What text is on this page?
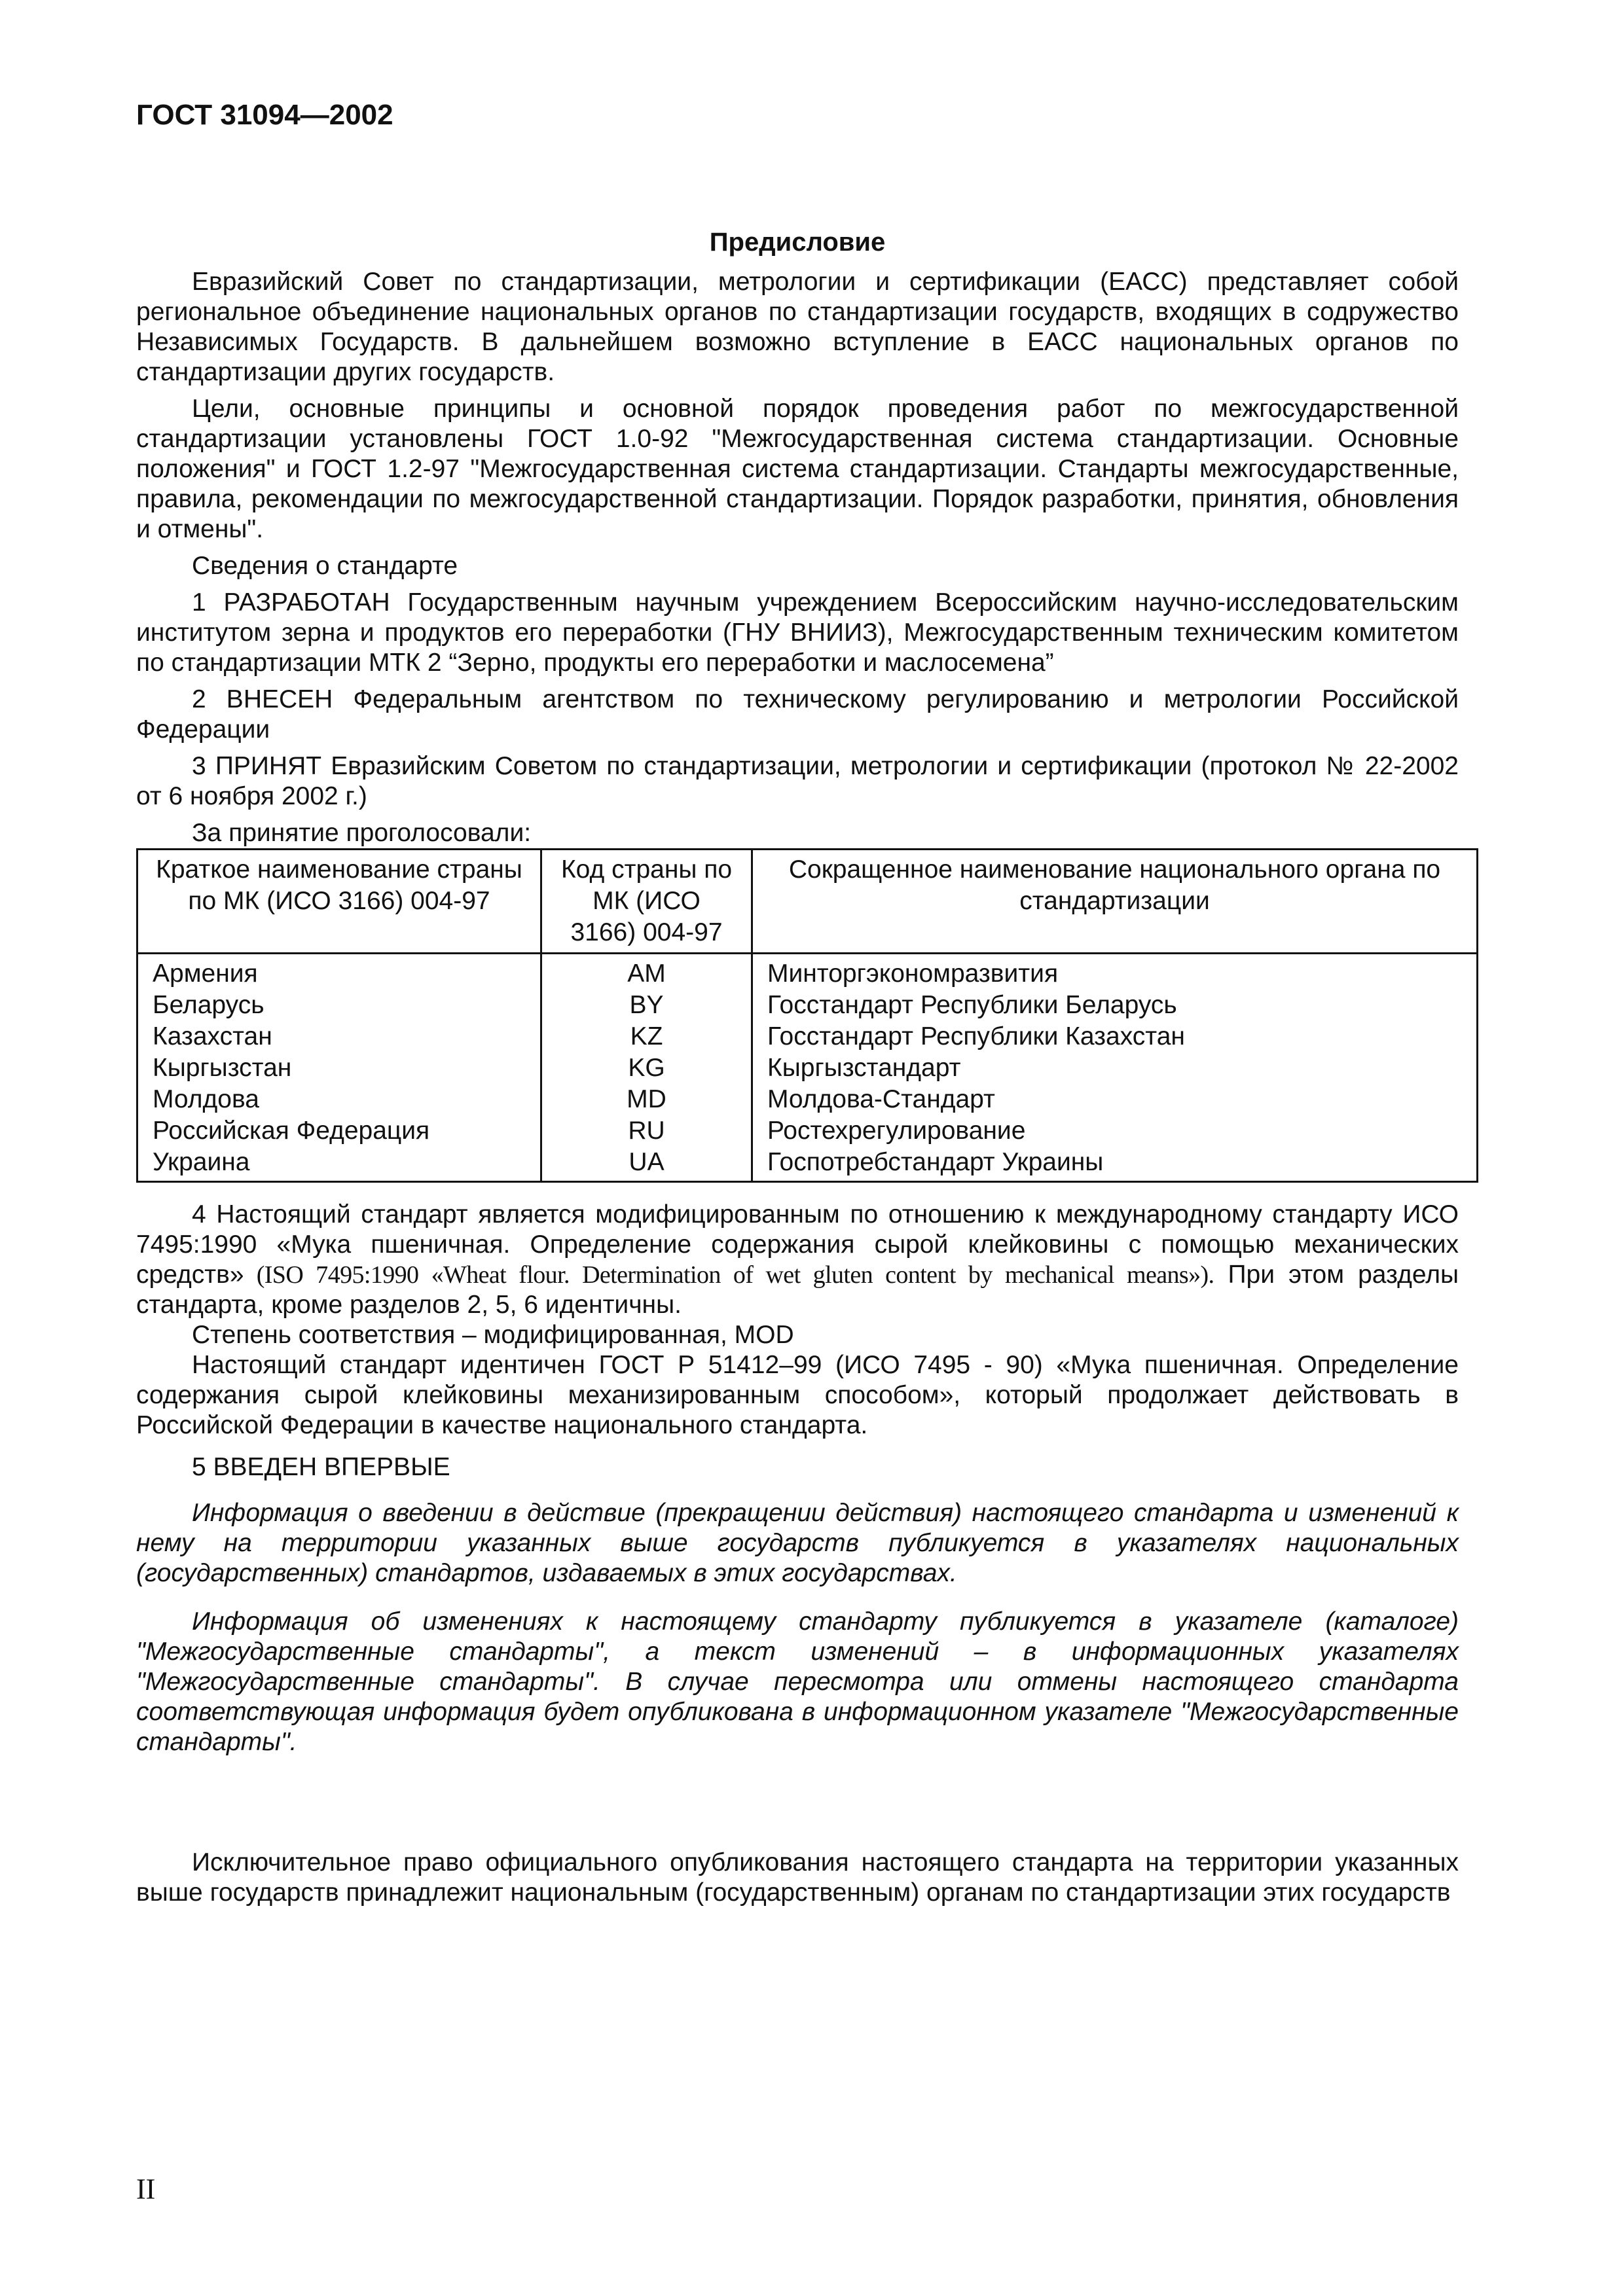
ГОСТ 31094—2002
Предисловие

Евразийский Совет по стандартизации, метрологии и сертификации (ЕАСС) представляет собой региональное объединение национальных органов по стандартизации государств, входящих в содружество Независимых Государств. В дальнейшем возможно вступление в ЕАСС национальных органов по стандартизации других государств.

Цели, основные принципы и основной порядок проведения работ по межгосударственной стандартизации установлены ГОСТ 1.0-92 "Межгосударственная система стандартизации. Основные положения" и ГОСТ 1.2-97 "Межгосударственная система стандартизации. Стандарты межгосударственные, правила, рекомендации по межгосударственной стандартизации. Порядок разработки, принятия, обновления и отмены".

Сведения о стандарте

1 РАЗРАБОТАН Государственным научным учреждением Всероссийским научно-исследовательским институтом зерна и продуктов его переработки (ГНУ ВНИИЗ), Межгосударственным техническим комитетом по стандартизации МТК 2 “Зерно, продукты его переработки и маслосемена”

2 ВНЕСЕН Федеральным агентством по техническому регулированию и метрологии Российской Федерации

3 ПРИНЯТ Евразийским Советом по стандартизации, метрологии и сертификации (протокол № 22-2002 от 6 ноября 2002 г.)

За принятие проголосовали:

Краткое наименование страны по МК (ИСО 3166) 004-97	Код страны по МК (ИСО 3166) 004-97	Сокращенное наименование национального органа по стандартизации
Армения	AM	Минторгэкономразвития
Беларусь	BY	Госстандарт Республики Беларусь
Казахстан	KZ	Госстандарт Республики Казахстан
Кыргызстан	KG	Кыргызстандарт
Молдова	MD	Молдова-Стандарт
Российская Федерация	RU	Ростехрегулирование
Украина	UA	Госпотребстандарт Украины

4 Настоящий стандарт является модифицированным по отношению к международному стандарту ИСО 7495:1990 «Мука пшеничная. Определение содержания сырой клейковины с помощью механических средств» (ISO 7495:1990 «Wheat flour. Determination of wet gluten content by mechanical means»). При этом разделы стандарта, кроме разделов 2, 5, 6 идентичны.

Степень соответствия – модифицированная, MOD

Настоящий стандарт идентичен ГОСТ Р 51412–99 (ИСО 7495 - 90) «Мука пшеничная. Определение содержания сырой клейковины механизированным способом», который продолжает действовать в Российской Федерации в качестве национального стандарта.

5 ВВЕДЕН ВПЕРВЫЕ

Информация о введении в действие (прекращении действия) настоящего стандарта и изменений к нему на территории указанных выше государств публикуется в указателях национальных (государственных) стандартов, издаваемых в этих государствах.

Информация об изменениях к настоящему стандарту публикуется в указателе (каталоге) "Межгосударственные стандарты", а текст изменений – в информационных указателях "Межгосударственные стандарты". В случае пересмотра или отмены настоящего стандарта соответствующая информация будет опубликована в информационном указателе "Межгосударственные стандарты".

Исключительное право официального опубликования настоящего стандарта на территории указанных выше государств принадлежит национальным (государственным) органам по стандартизации этих государств

II
